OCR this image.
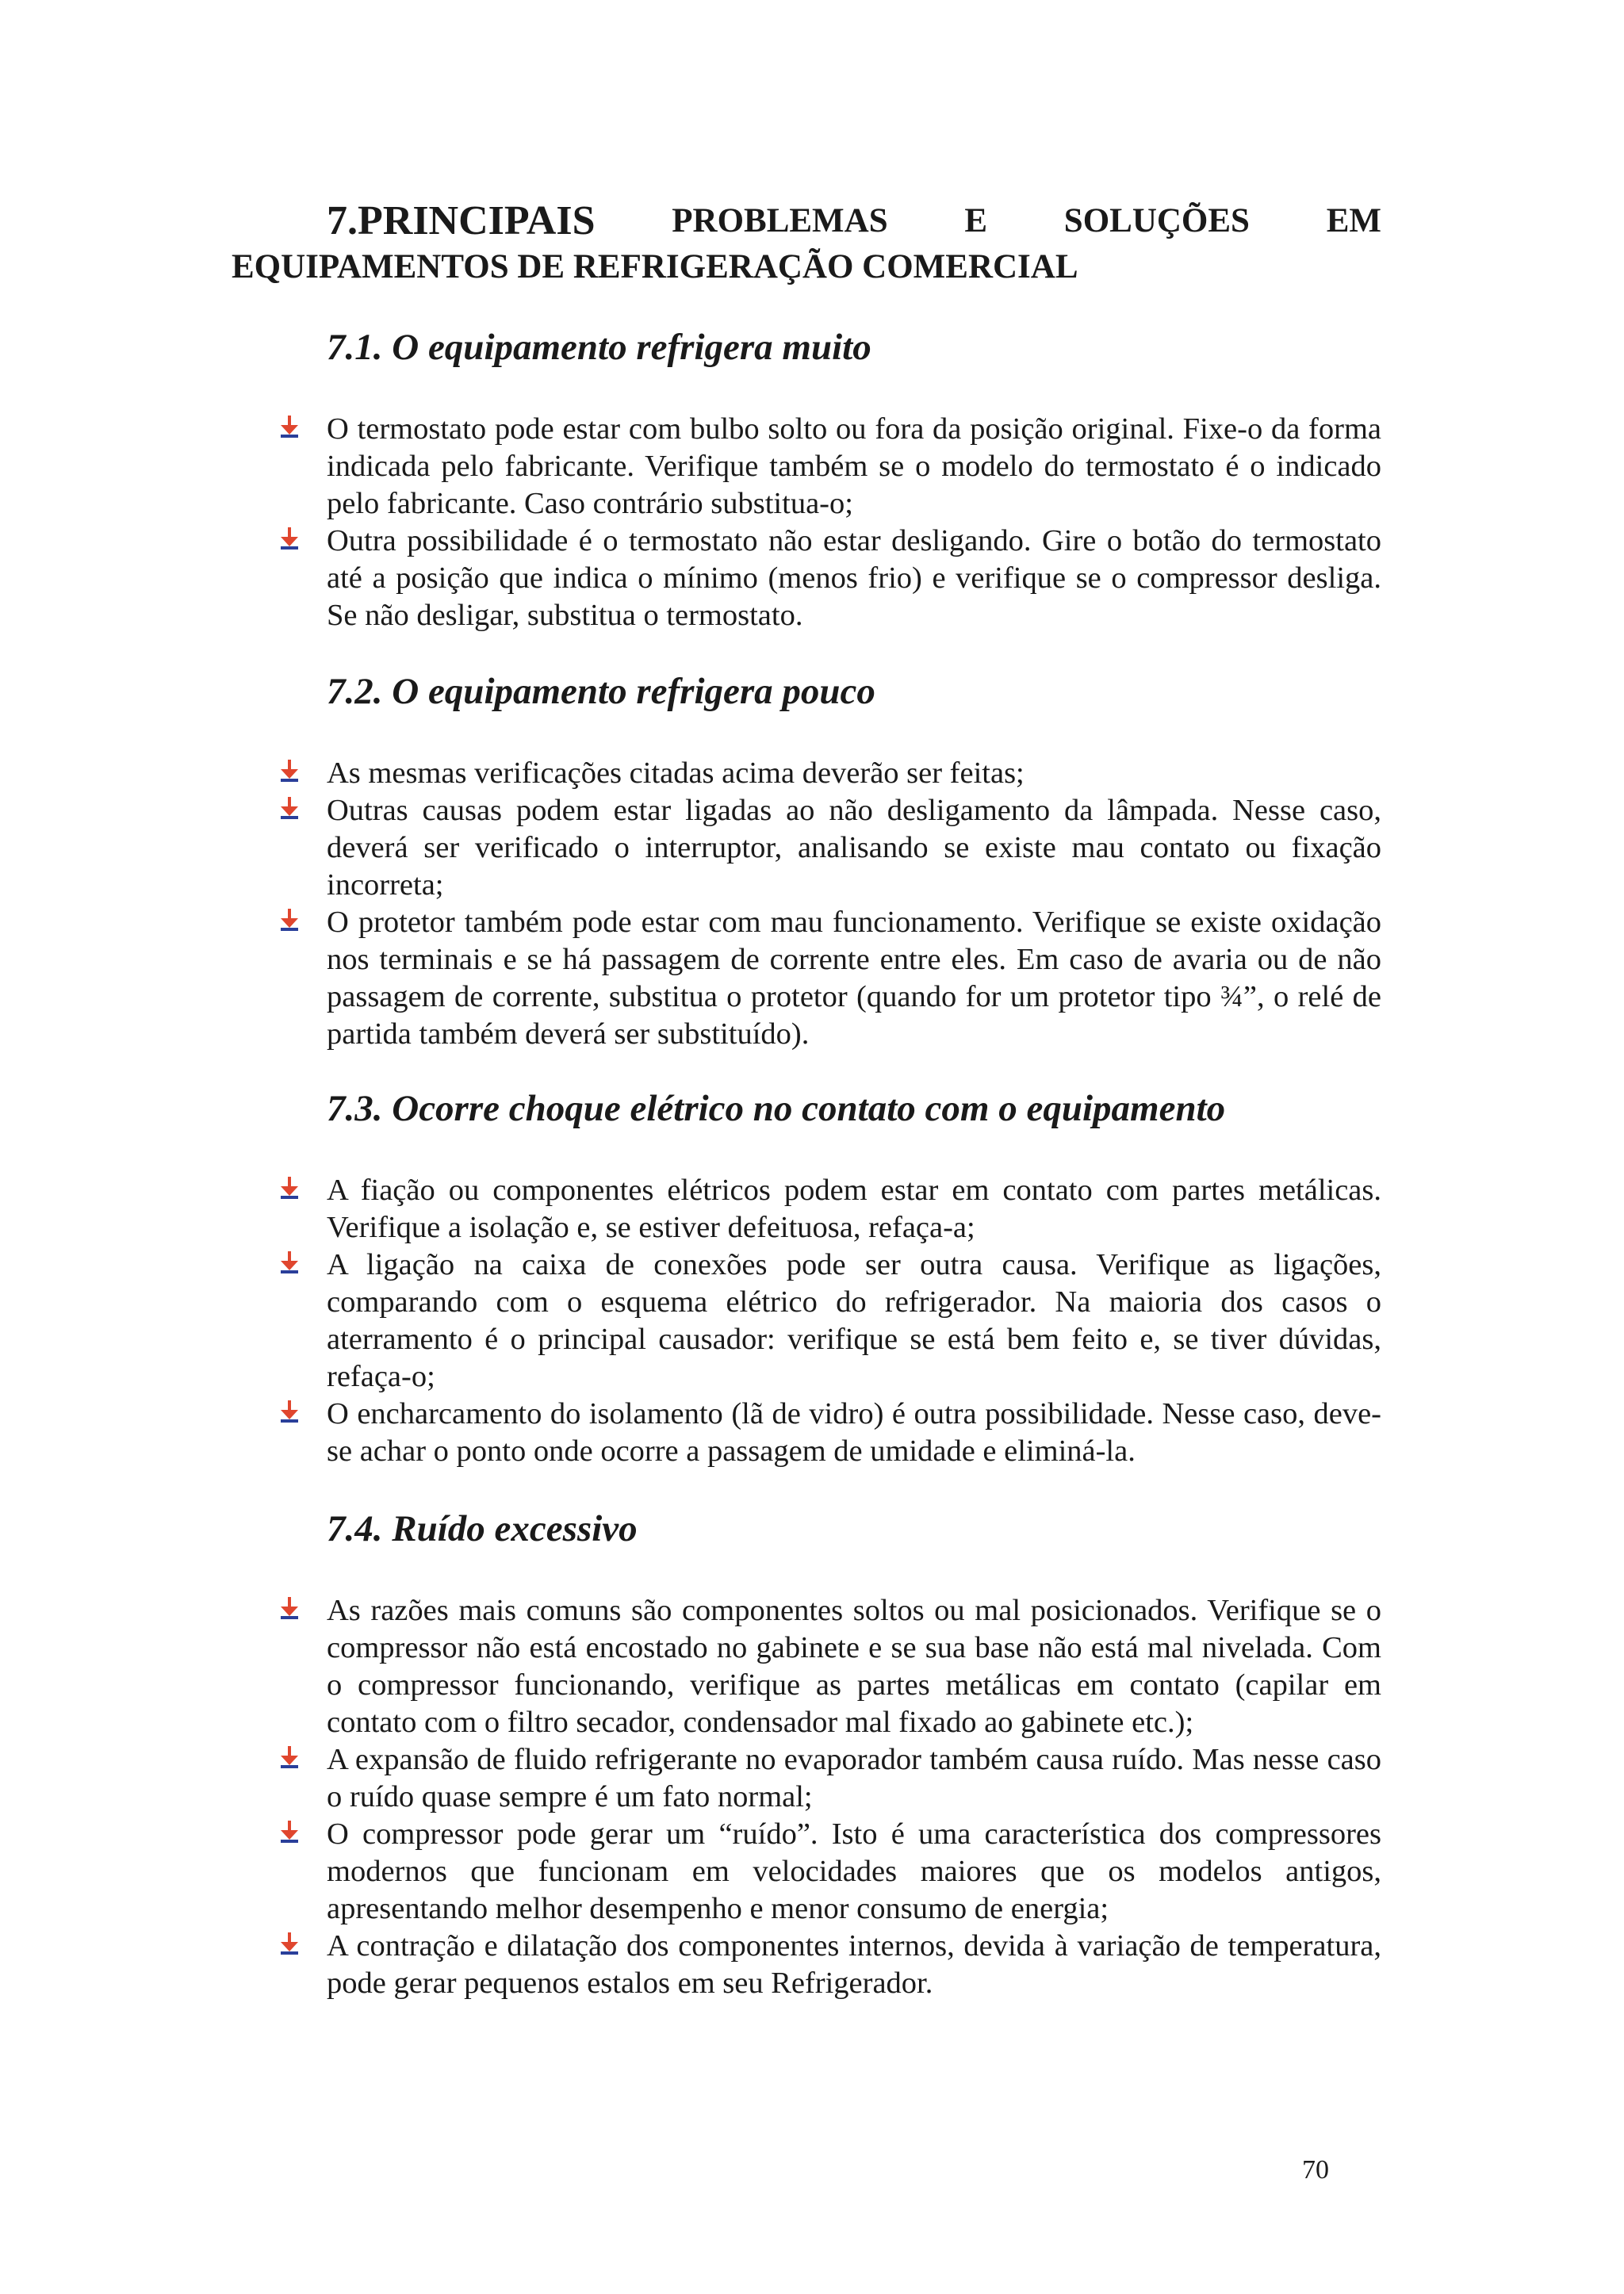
7.PRINCIPAIS PROBLEMAS E SOLUÇÕES EM
EQUIPAMENTOS DE REFRIGERAÇÃO COMERCIAL
7.1. O equipamento refrigera muito
O termostato pode estar com bulbo solto ou fora da posição original. Fixe-o da forma indicada pelo fabricante. Verifique também se o modelo do termostato é o indicado pelo fabricante. Caso contrário substitua-o;
Outra possibilidade é o termostato não estar desligando. Gire o botão do termostato até a posição que indica o mínimo (menos frio) e verifique se o compressor desliga. Se não desligar, substitua o termostato.
7.2. O equipamento refrigera pouco
As mesmas verificações citadas acima deverão ser feitas;
Outras causas podem estar ligadas ao não desligamento da lâmpada. Nesse caso, deverá ser verificado o interruptor, analisando se existe mau contato ou fixação incorreta;
O protetor também pode estar com mau funcionamento. Verifique se existe oxidação nos terminais e se há passagem de corrente entre eles. Em caso de avaria ou de não passagem de corrente, substitua o protetor (quando for um protetor tipo ¾”, o relé de partida também deverá ser substituído).
7.3. Ocorre choque elétrico no contato com o equipamento
A fiação ou componentes elétricos podem estar em contato com partes metálicas. Verifique a isolação e, se estiver defeituosa, refaça-a;
A ligação na caixa de conexões pode ser outra causa. Verifique as ligações, comparando com o esquema elétrico do refrigerador. Na maioria dos casos o aterramento é o principal causador: verifique se está bem feito e, se tiver dúvidas, refaça-o;
O encharcamento do isolamento (lã de vidro) é outra possibilidade. Nesse caso, deve-se achar o ponto onde ocorre a passagem de umidade e eliminá-la.
7.4. Ruído excessivo
As razões mais comuns são componentes soltos ou mal posicionados. Verifique se o compressor não está encostado no gabinete e se sua base não está mal nivelada. Com o compressor funcionando, verifique as partes metálicas em contato (capilar em contato com o filtro secador, condensador mal fixado ao gabinete etc.);
A expansão de fluido refrigerante no evaporador também causa ruído. Mas nesse caso o ruído quase sempre é um fato normal;
O compressor pode gerar um “ruído”. Isto é uma característica dos compressores modernos que funcionam em velocidades maiores que os modelos antigos, apresentando melhor desempenho e menor consumo de energia;
A contração e dilatação dos componentes internos, devida à variação de temperatura, pode gerar pequenos estalos em seu Refrigerador.
70
